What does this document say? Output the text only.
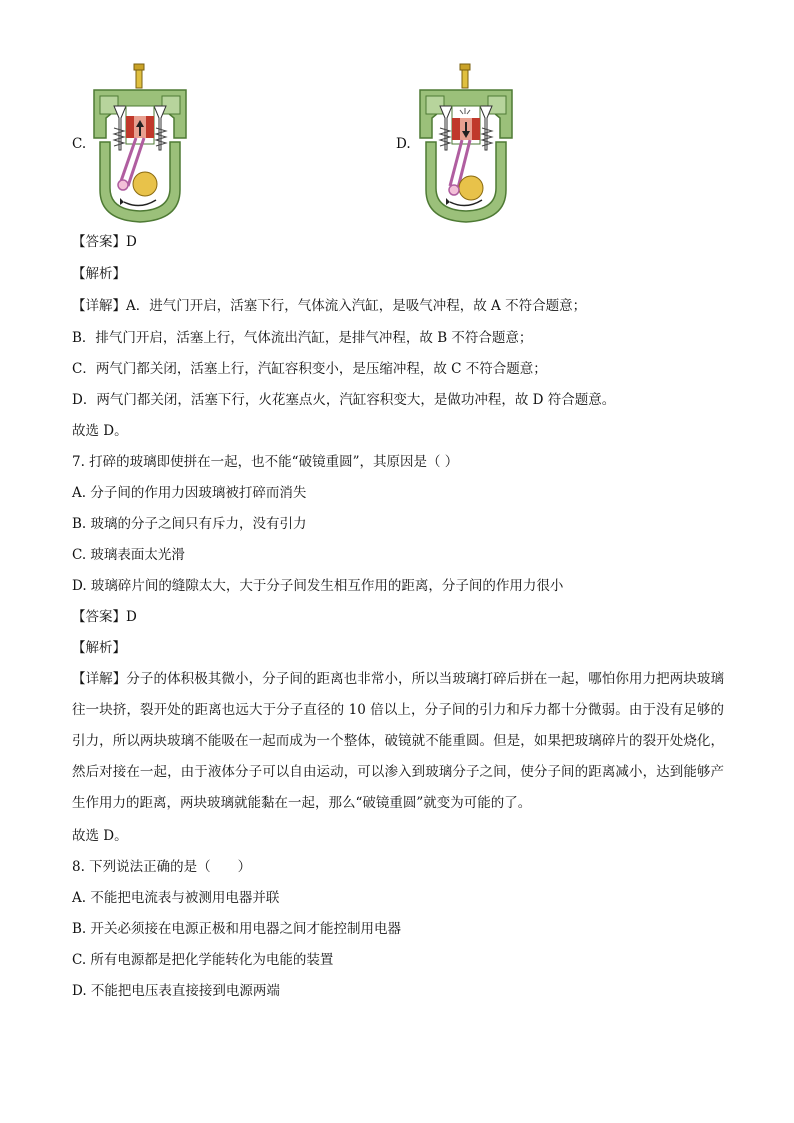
C.	D.
【答案】D
【解析】
【详解】A．进气门开启，活塞下行，气体流入汽缸，是吸气冲程，故 A 不符合题意；
B．排气门开启，活塞上行，气体流出汽缸，是排气冲程，故 B 不符合题意；
C．两气门都关闭，活塞上行，汽缸容积变小，是压缩冲程，故 C 不符合题意；
D．两气门都关闭，活塞下行，火花塞点火，汽缸容积变大，是做功冲程，故 D 符合题意。
故选 D。
7. 打碎的玻璃即使拼在一起，也不能“破镜重圆”，其原因是（ ）
A. 分子间的作用力因玻璃被打碎而消失
B. 玻璃的分子之间只有斥力，没有引力
C. 玻璃表面太光滑
D. 玻璃碎片间的缝隙太大，大于分子间发生相互作用的距离，分子间的作用力很小
【答案】D
【解析】
【详解】分子的体积极其微小，分子间的距离也非常小，所以当玻璃打碎后拼在一起，哪怕你用力把两块玻璃往一块挤，裂开处的距离也远大于分子直径的 10 倍以上，分子间的引力和斥力都十分微弱。由于没有足够的引力，所以两块玻璃不能吸在一起而成为一个整体，破镜就不能重圆。但是，如果把玻璃碎片的裂开处烧化，然后对接在一起，由于液体分子可以自由运动，可以渗入到玻璃分子之间，使分子间的距离减小，达到能够产生作用力的距离，两块玻璃就能黏在一起，那么“破镜重圆”就变为可能的了。
故选 D。
8. 下列说法正确的是（　　）
A. 不能把电流表与被测用电器并联
B. 开关必须接在电源正极和用电器之间才能控制用电器
C. 所有电源都是把化学能转化为电能的装置
D. 不能把电压表直接接到电源两端
